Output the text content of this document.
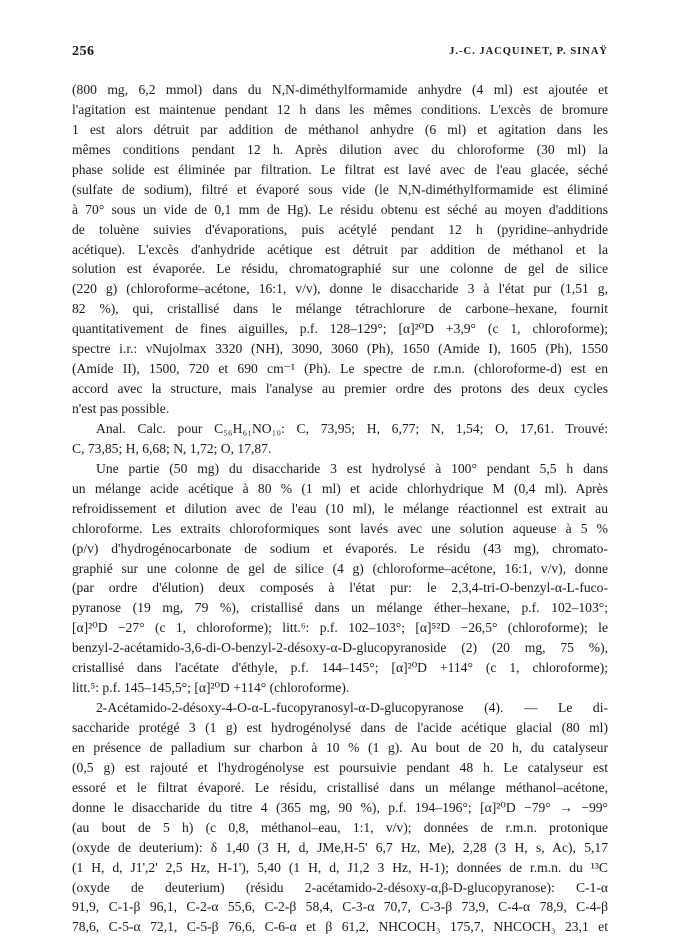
256	J.-C. JACQUINET, P. SINAŸ
(800 mg, 6,2 mmol) dans du N,N-diméthylformamide anhydre (4 ml) est ajoutée et
l'agitation est maintenue pendant 12 h dans les mêmes conditions. L'excès de bromure
1 est alors détruit par addition de méthanol anhydre (6 ml) et agitation dans les
mêmes conditions pendant 12 h. Après dilution avec du chloroforme (30 ml) la
phase solide est éliminée par filtration. Le filtrat est lavé avec de l'eau glacée, séché
(sulfate de sodium), filtré et évaporé sous vide (le N,N-diméthylformamide est éliminé
à 70° sous un vide de 0,1 mm de Hg). Le résidu obtenu est séché au moyen d'additions
de toluène suivies d'évaporations, puis acétylé pendant 12 h (pyridine–anhydride
acétique). L'excès d'anhydride acétique est détruit par addition de méthanol et la
solution est évaporée. Le résidu, chromatographié sur une colonne de gel de silice
(220 g) (chloroforme–acétone, 16:1, v/v), donne le disaccharide 3 à l'état pur (1,51 g,
82 %), qui, cristallisé dans le mélange tétrachlorure de carbone–hexane, fournit
quantitativement de fines aiguilles, p.f. 128–129°; [α]²⁰D +3,9° (c 1, chloroforme);
spectre i.r.: νNujolmax 3320 (NH), 3090, 3060 (Ph), 1650 (Amide I), 1605 (Ph), 1550
(Amide II), 1500, 720 et 690 cm⁻¹ (Ph). Le spectre de r.m.n. (chloroforme-d) est en
accord avec la structure, mais l'analyse au premier ordre des protons des deux cycles
n'est pas possible.
Anal. Calc. pour C₅₆H₆₁NO₁₀: C, 73,95; H, 6,77; N, 1,54; O, 17,61. Trouvé:
C, 73,85; H, 6,68; N, 1,72; O, 17,87.
Une partie (50 mg) du disaccharide 3 est hydrolysé à 100° pendant 5,5 h dans
un mélange acide acétique à 80 % (1 ml) et acide chlorhydrique M (0,4 ml). Après
refroidissement et dilution avec de l'eau (10 ml), le mélange réactionnel est extrait au
chloroforme. Les extraits chloroformiques sont lavés avec une solution aqueuse à 5 %
(p/v) d'hydrogénocarbonate de sodium et évaporés. Le résidu (43 mg), chromato-
graphié sur une colonne de gel de silice (4 g) (chloroforme–acétone, 16:1, v/v), donne
(par ordre d'élution) deux composés à l'état pur: le 2,3,4-tri-O-benzyl-α-L-fuco-
pyranose (19 mg, 79 %), cristallisé dans un mélange éther–hexane, p.f. 102–103°;
[α]²⁰D −27° (c 1, chloroforme); litt.⁶: p.f. 102–103°; [α]⁵²D −26,5° (chloroforme); le
benzyl-2-acétamido-3,6-di-O-benzyl-2-désoxy-α-D-glucopyranoside (2) (20 mg, 75 %),
cristallisé dans l'acétate d'éthyle, p.f. 144–145°; [α]²⁰D +114° (c 1, chloroforme);
litt.⁵: p.f. 145–145,5°; [α]²⁰D +114° (chloroforme).
2-Acétamido-2-désoxy-4-O-α-L-fucopyranosyl-α-D-glucopyranose (4). — Le di-
saccharide protégé 3 (1 g) est hydrogénolysé dans de l'acide acétique glacial (80 ml)
en présence de palladium sur charbon à 10 % (1 g). Au bout de 20 h, du catalyseur
(0,5 g) est rajouté et l'hydrogénolyse est poursuivie pendant 48 h. Le catalyseur est
essoré et le filtrat évaporé. Le résidu, cristallisé dans un mélange méthanol–acétone,
donne le disaccharide du titre 4 (365 mg, 90 %), p.f. 194–196°; [α]²⁰D −79° → −99°
(au bout de 5 h) (c 0,8, méthanol–eau, 1:1, v/v); données de r.m.n. protonique
(oxyde de deuterium): δ 1,40 (3 H, d, JMe,H-5' 6,7 Hz, Me), 2,28 (3 H, s, Ac), 5,17
(1 H, d, J1',2' 2,5 Hz, H-1'), 5,40 (1 H, d, J1,2 3 Hz, H-1); données de r.m.n. du ¹³C
(oxyde de deuterium) (résidu 2-acétamido-2-désoxy-α,β-D-glucopyranose): C-1-α
91,9, C-1-β 96,1, C-2-α 55,6, C-2-β 58,4, C-3-α 70,7, C-3-β 73,9, C-4-α 78,9, C-4-β
78,6, C-5-α 72,1, C-5-β 76,6, C-6-α et β 61,2, NHCOCH₃ 175,7, NHCOCH₃ 23,1 et
